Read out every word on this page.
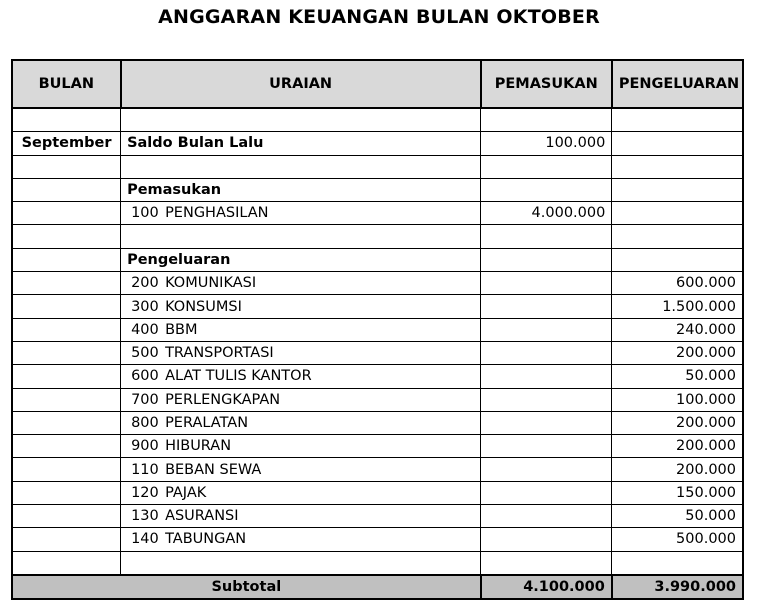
ANGGARAN KEUANGAN BULAN OKTOBER
BULAN	URAIAN	PEMASUKAN	PENGELUARAN

September	Saldo Bulan Lalu	100.000	

	Pemasukan		
	100 PENGHASILAN	4.000.000	

	Pengeluaran		
	200 KOMUNIKASI		600.000
	300 KONSUMSI		1.500.000
	400 BBM		240.000
	500 TRANSPORTASI		200.000
	600 ALAT TULIS KANTOR		50.000
	700 PERLENGKAPAN		100.000
	800 PERALATAN		200.000
	900 HIBURAN		200.000
	110 BEBAN SEWA		200.000
	120 PAJAK		150.000
	130 ASURANSI		50.000
	140 TABUNGAN		500.000

Subtotal		4.100.000	3.990.000
